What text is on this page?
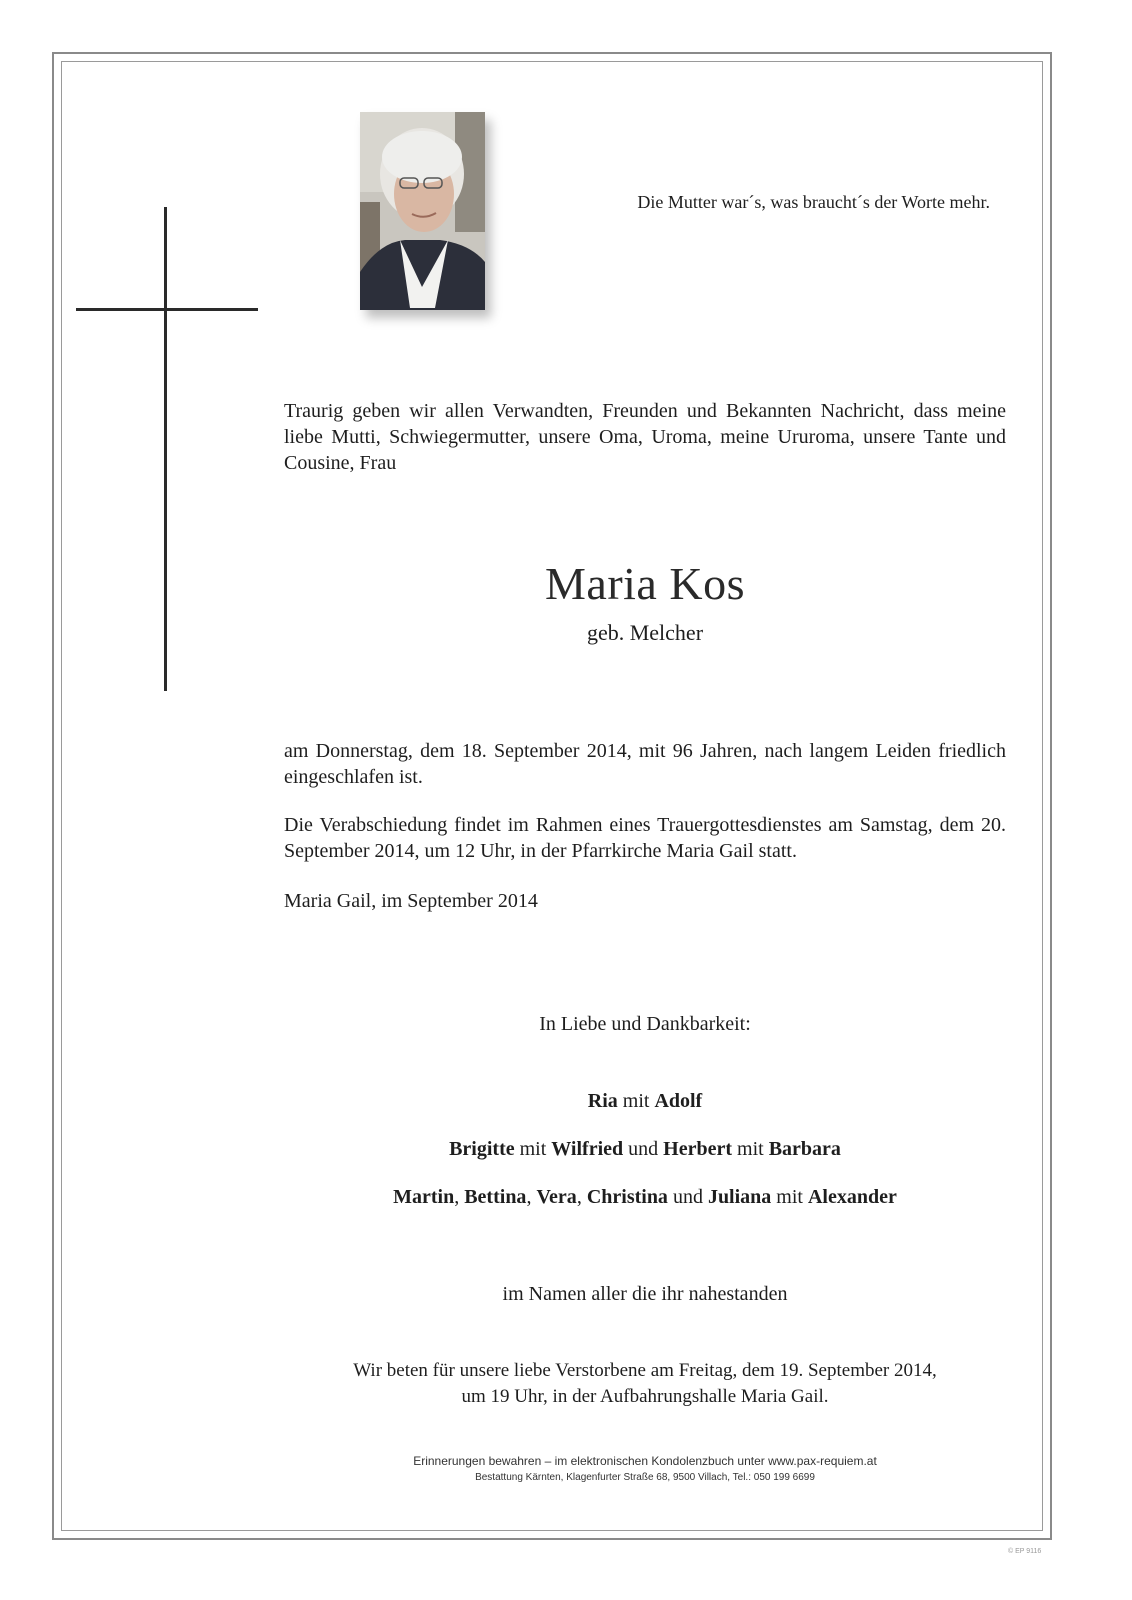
Die Mutter war´s, was braucht´s der Worte mehr.
Traurig geben wir allen Verwandten, Freunden und Bekannten Nachricht, dass meine liebe Mutti, Schwiegermutter, unsere Oma, Uroma, meine Ururoma, unsere Tante und Cousine, Frau
Maria Kos
geb. Melcher
am Donnerstag, dem 18. September 2014, mit 96 Jahren, nach langem Leiden friedlich eingeschlafen ist.
Die Verabschiedung findet im Rahmen eines Trauergottesdienstes am Samstag, dem 20. September 2014, um 12 Uhr, in der Pfarrkirche Maria Gail statt.
Maria Gail, im September 2014
In Liebe und Dankbarkeit:
Ria mit Adolf
Brigitte mit Wilfried und Herbert mit Barbara
Martin, Bettina, Vera, Christina und Juliana mit Alexander
im Namen aller die ihr nahestanden
Wir beten für unsere liebe Verstorbene am Freitag, dem 19. September 2014,
um 19 Uhr, in der Aufbahrungshalle Maria Gail.
Erinnerungen bewahren – im elektronischen Kondolenzbuch unter www.pax-requiem.at
Bestattung Kärnten, Klagenfurter Straße 68, 9500 Villach, Tel.: 050 199 6699
© EP 9116
